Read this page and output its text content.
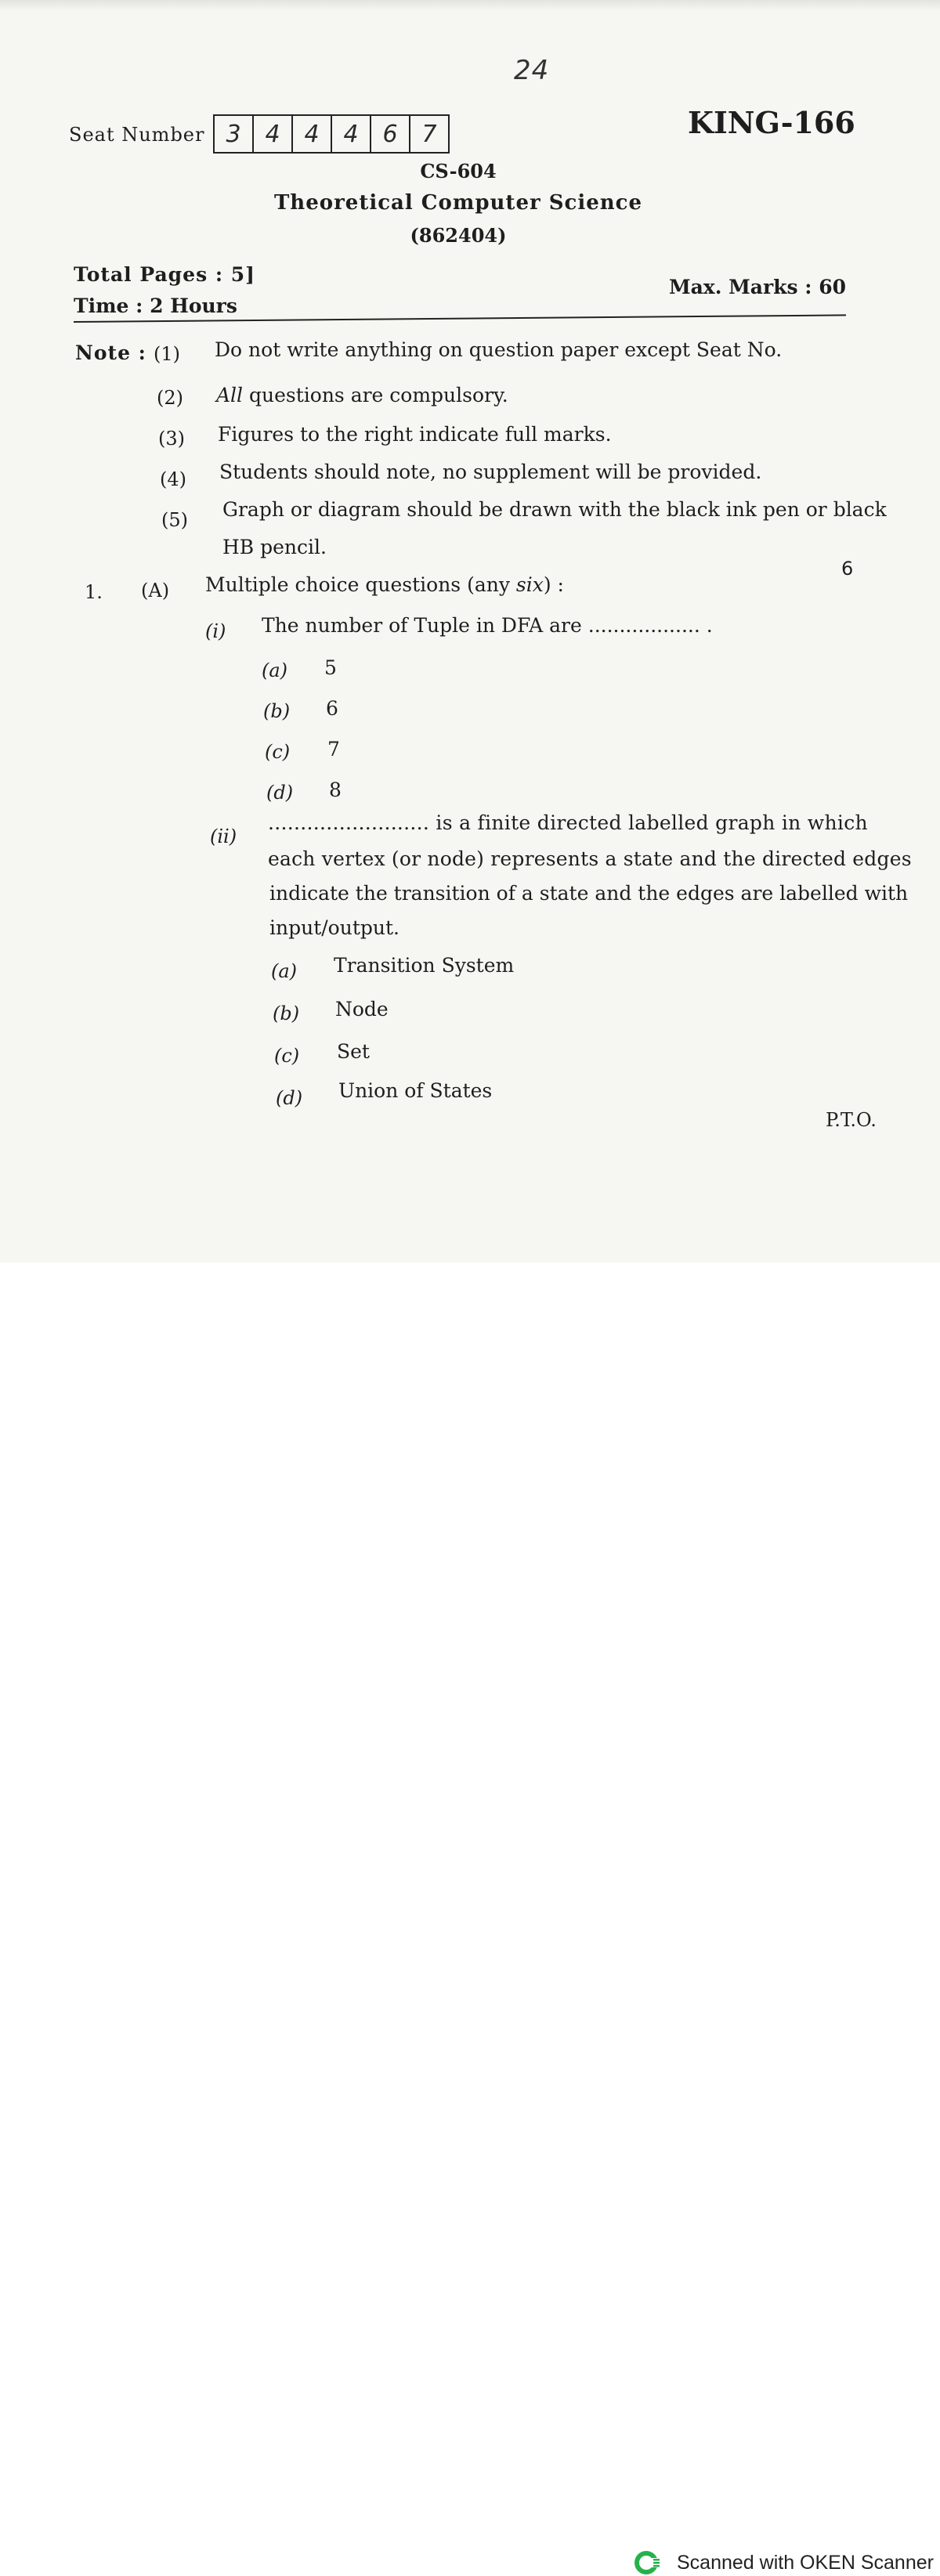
24
Seat Number 3	4	4	4	6	7	KING-166
CS-604
Theoretical Computer Science
(862404)
Total Pages : 5]
Time : 2 Hours
Max. Marks : 60
Note : (1) Do not write anything on question paper except Seat No.
(2) All questions are compulsory.
(3) Figures to the right indicate full marks.
(4) Students should note, no supplement will be provided.
(5) Graph or diagram should be drawn with the black ink pen or black
HB pencil.
6
1. (A) Multiple choice questions (any six) :
(i) The number of Tuple in DFA are .................. .
(a) 5
(b) 6
(c) 7
(d) 8
(ii)
......................... is a finite directed labelled graph in which
each vertex (or node) represents a state and the directed edges
indicate the transition of a state and the edges are labelled with
input/output.
(a) Transition System
(b) Node
(c) Set
(d) Union of States
P.T.O.
Scanned with OKEN Scanner
